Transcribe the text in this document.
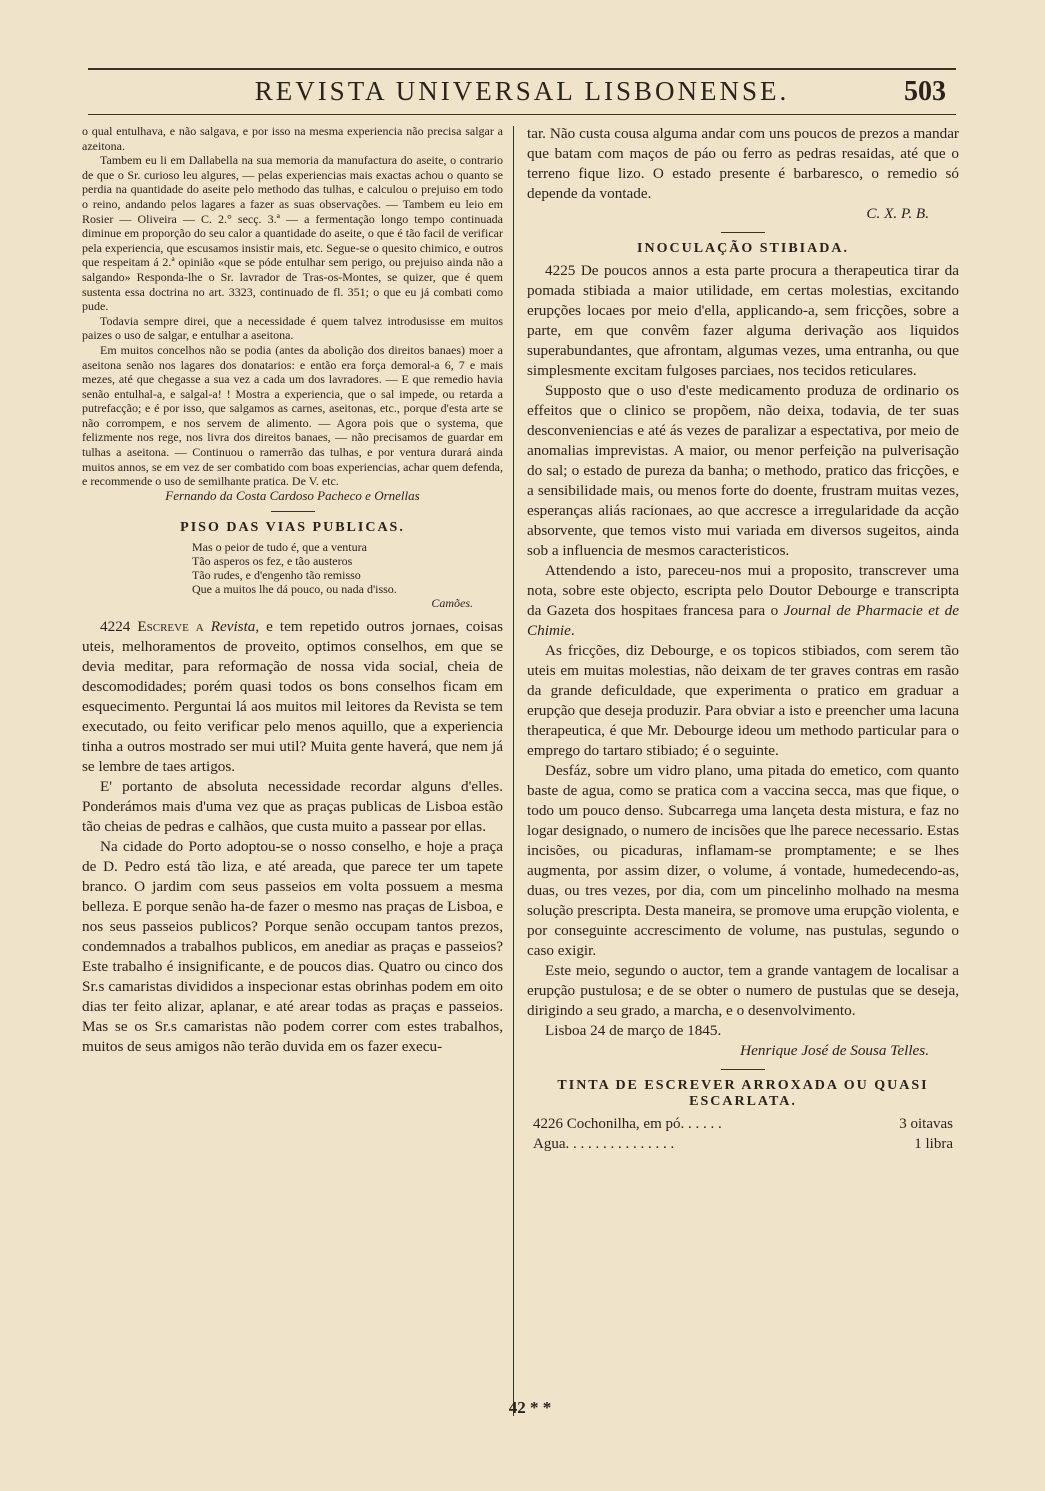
REVISTA UNIVERSAL LISBONENSE.	503

o qual entulhava, e não salgava, e por isso na mesma experiencia não precisa salgar a azeitona.

Tambem eu li em Dallabella na sua memoria da manufactura do aseite, o contrario de que o Sr. curioso leu algures, — pelas experiencias mais exactas achou o quanto se perdia na quantidade do aseite pelo methodo das tulhas, e calculou o prejuiso em todo o reino, andando pelos lagares a fazer as suas observações. — Tambem eu leio em Rosier — Oliveira — C. 2.° secç. 3.ª — a fermentação longo tempo continuada diminue em proporção do seu calor a quantidade do aseite, o que é tão facil de verificar pela experiencia, que escusamos insistir mais, etc. Segue-se o quesito chimico, e outros que respeitam á 2.ª opinião «que se póde entulhar sem perigo, ou prejuiso ainda não a salgando» Responda-lhe o Sr. lavrador de Tras-os-Montes, se quizer, que é quem sustenta essa doctrina no art. 3323, continuado de fl. 351; o que eu já combati como pude.

Todavia sempre direi, que a necessidade é quem talvez introdusisse em muitos paizes o uso de salgar, e entulhar a aseitona.

Em muitos concelhos não se podia (antes da abolição dos direitos banaes) moer a aseitona senão nos lagares dos donatarios: e então era força demoral-a 6, 7 e mais mezes, até que chegasse a sua vez a cada um dos lavradores. — E que remedio havia senão entulhal-a, e salgal-a! ! Mostra a experiencia, que o sal impede, ou retarda a putrefacção; e é por isso, que salgamos as carnes, aseitonas, etc., porque d'esta arte se não corrompem, e nos servem de alimento. — Agora pois que o systema, que felizmente nos rege, nos livra dos direitos banaes, — não precisamos de guardar em tulhas a aseitona. — Continuou o ramerrão das tulhas, e por ventura durará ainda muitos annos, se em vez de ser combatido com boas experiencias, achar quem defenda, e recommende o uso de semilhante pratica. De V. etc.

Fernando da Costa Cardoso Pacheco e Ornellas

PISO DAS VIAS PUBLICAS.
Mas o peior de tudo é, que a ventura
Tão asperos os fez, e tão austeros
Tão rudes, e d'engenho tão remisso
Que a muitos lhe dá pouco, ou nada d'isso.
Camões.

4224 Escreve a Revista, e tem repetido outros jornaes, coisas uteis, melhoramentos de proveito, optimos conselhos, em que se devia meditar, para reformação de nossa vida social, cheia de descomodidades; porém quasi todos os bons conselhos ficam em esquecimento. Perguntai lá aos muitos mil leitores da Revista se tem executado, ou feito verificar pelo menos aquillo, que a experiencia tinha a outros mostrado ser mui util? Muita gente haverá, que nem já se lembre de taes artigos.

E' portanto de absoluta necessidade recordar alguns d'elles. Ponderámos mais d'uma vez que as praças publicas de Lisboa estão tão cheias de pedras e calhãos, que custa muito a passear por ellas.

Na cidade do Porto adoptou-se o nosso conselho, e hoje a praça de D. Pedro está tão liza, e até areada, que parece ter um tapete branco. O jardim com seus passeios em volta possuem a mesma belleza. E porque senão ha-de fazer o mesmo nas praças de Lisboa, e nos seus passeios publicos? Porque senão occupam tantos prezos, condemnados a trabalhos publicos, em anediar as praças e passeios? Este trabalho é insignificante, e de poucos dias. Quatro ou cinco dos Sr.s camaristas divididos a inspecionar estas obrinhas podem em oito dias ter feito alizar, aplanar, e até arear todas as praças e passeios. Mas se os Sr.s camaristas não podem correr com estes trabalhos, muitos de seus amigos não terão duvida em os fazer execu-

tar. Não custa cousa alguma andar com uns poucos de prezos a mandar que batam com maços de páo ou ferro as pedras resaidas, até que o terreno fique lizo. O estado presente é barbaresco, o remedio só depende da vontade.

C. X. P. B.

INOCULAÇÃO STIBIADA.

4225 De poucos annos a esta parte procura a therapeutica tirar da pomada stibiada a maior utilidade, em certas molestias, excitando erupções locaes por meio d'ella, applicando-a, sem fricções, sobre a parte, em que convêm fazer alguma derivação aos liquidos superabundantes, que afrontam, algumas vezes, uma entranha, ou que simplesmente excitam fulgoses parciaes, nos tecidos reticulares.

Supposto que o uso d'este medicamento produza de ordinario os effeitos que o clinico se propõem, não deixa, todavia, de ter suas desconveniencias e até ás vezes de paralizar a espectativa, por meio de anomalias imprevistas. A maior, ou menor perfeição na pulverisação do sal; o estado de pureza da banha; o methodo, pratico das fricções, e a sensibilidade mais, ou menos forte do doente, frustram muitas vezes, esperanças aliás racionaes, ao que accresce a irregularidade da acção absorvente, que temos visto mui variada em diversos sugeitos, ainda sob a influencia de mesmos caracteristicos.

Attendendo a isto, pareceu-nos mui a proposito, transcrever uma nota, sobre este objecto, escripta pelo Doutor Debourge e transcripta da Gazeta dos hospitaes francesa para o Journal de Pharmacie et de Chimie.

As fricções, diz Debourge, e os topicos stibiados, com serem tão uteis em muitas molestias, não deixam de ter graves contras em rasão da grande deficuldade, que experimenta o pratico em graduar a erupção que deseja produzir. Para obviar a isto e preencher uma lacuna therapeutica, é que Mr. Debourge ideou um methodo particular para o emprego do tartaro stibiado; é o seguinte.

Desfáz, sobre um vidro plano, uma pitada do emetico, com quanto baste de agua, como se pratica com a vaccina secca, mas que fique, o todo um pouco denso. Subcarrega uma lançeta desta mistura, e faz no logar designado, o numero de incisões que lhe parece necessario. Estas incisões, ou picaduras, inflamam-se promptamente; e se lhes augmenta, por assim dizer, o volume, á vontade, humedecendo-as, duas, ou tres vezes, por dia, com um pincelinho molhado na mesma solução prescripta. Desta maneira, se promove uma erupção violenta, e por conseguinte accrescimento de volume, nas pustulas, segundo o caso exigir.

Este meio, segundo o auctor, tem a grande vantagem de localisar a erupção pustulosa; e de se obter o numero de pustulas que se deseja, dirigindo a seu grado, a marcha, e o desenvolvimento.

Lisboa 24 de março de 1845.

Henrique José de Sousa Telles.

TINTA DE ESCREVER ARROXADA OU QUASI ESCARLATA.
4226 Cochonilha, em pó. . . . . .	3 oitavas
Agua. . . . . . . . . . . . . . .	1 libra
42 * *
